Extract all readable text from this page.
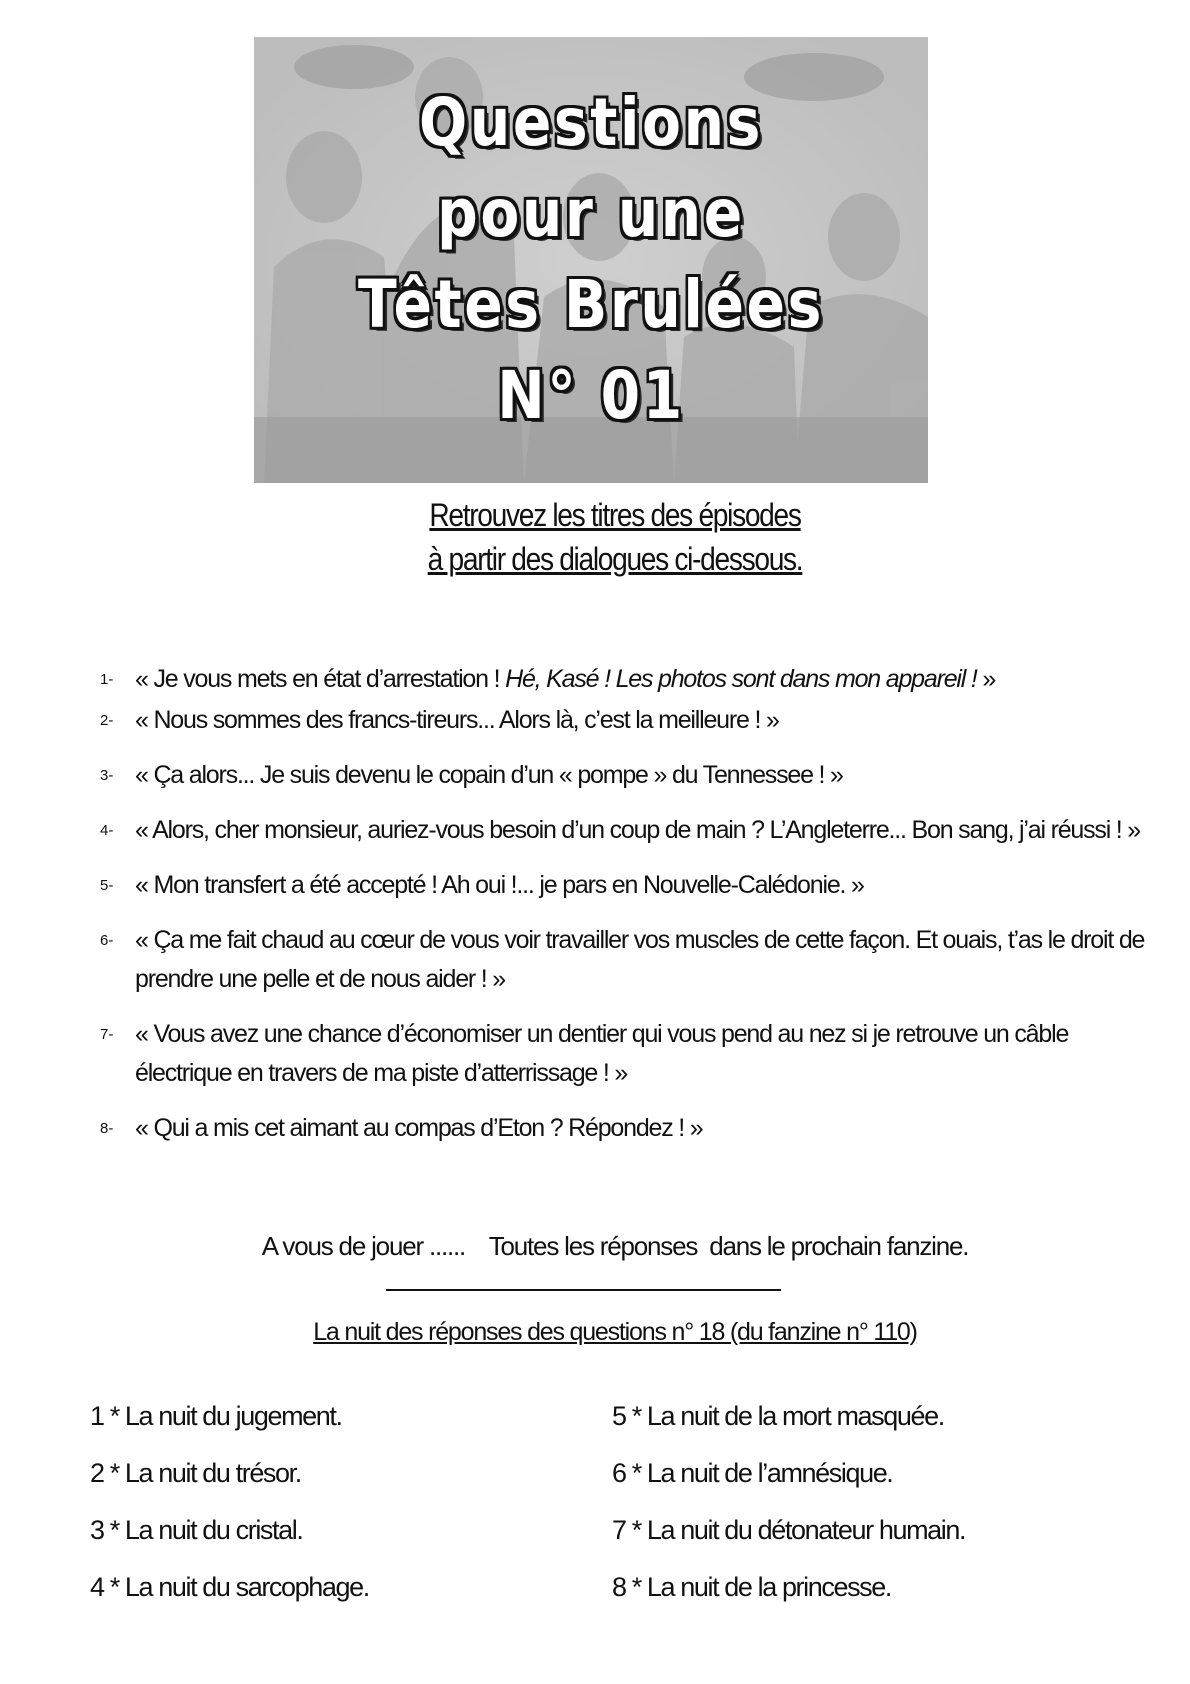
Questions
pour une
Têtes Brulées
N° 01
Retrouvez les titres des épisodes
à partir des dialogues ci-dessous.
1- « Je vous mets en état d’arrestation ! Hé, Kasé ! Les photos sont dans mon appareil ! »
2- « Nous sommes des francs-tireurs... Alors là, c’est la meilleure ! »
3- « Ça alors... Je suis devenu le copain d’un « pompe » du Tennessee ! »
4- « Alors, cher monsieur, auriez-vous besoin d’un coup de main ? L’Angleterre... Bon sang, j’ai réussi ! »
5- « Mon transfert a été accepté ! Ah oui !... je pars en Nouvelle-Calédonie. »
6- « Ça me fait chaud au cœur de vous voir travailler vos muscles de cette façon. Et ouais, t’as le droit de prendre une pelle et de nous aider ! »
7- « Vous avez une chance d’économiser un dentier qui vous pend au nez si je retrouve un câble électrique en travers de ma piste d’atterrissage ! »
8- « Qui a mis cet aimant au compas d’Eton ? Répondez ! »
A vous de jouer ......    Toutes les réponses  dans le prochain fanzine.
La nuit des réponses des questions n° 18 (du fanzine n° 110)
1 * La nuit du jugement.
2 * La nuit du trésor.
3 * La nuit du cristal.
4 * La nuit du sarcophage.
5 * La nuit de la mort masquée.
6 * La nuit de l’amnésique.
7 * La nuit du détonateur humain.
8 * La nuit de la princesse.
